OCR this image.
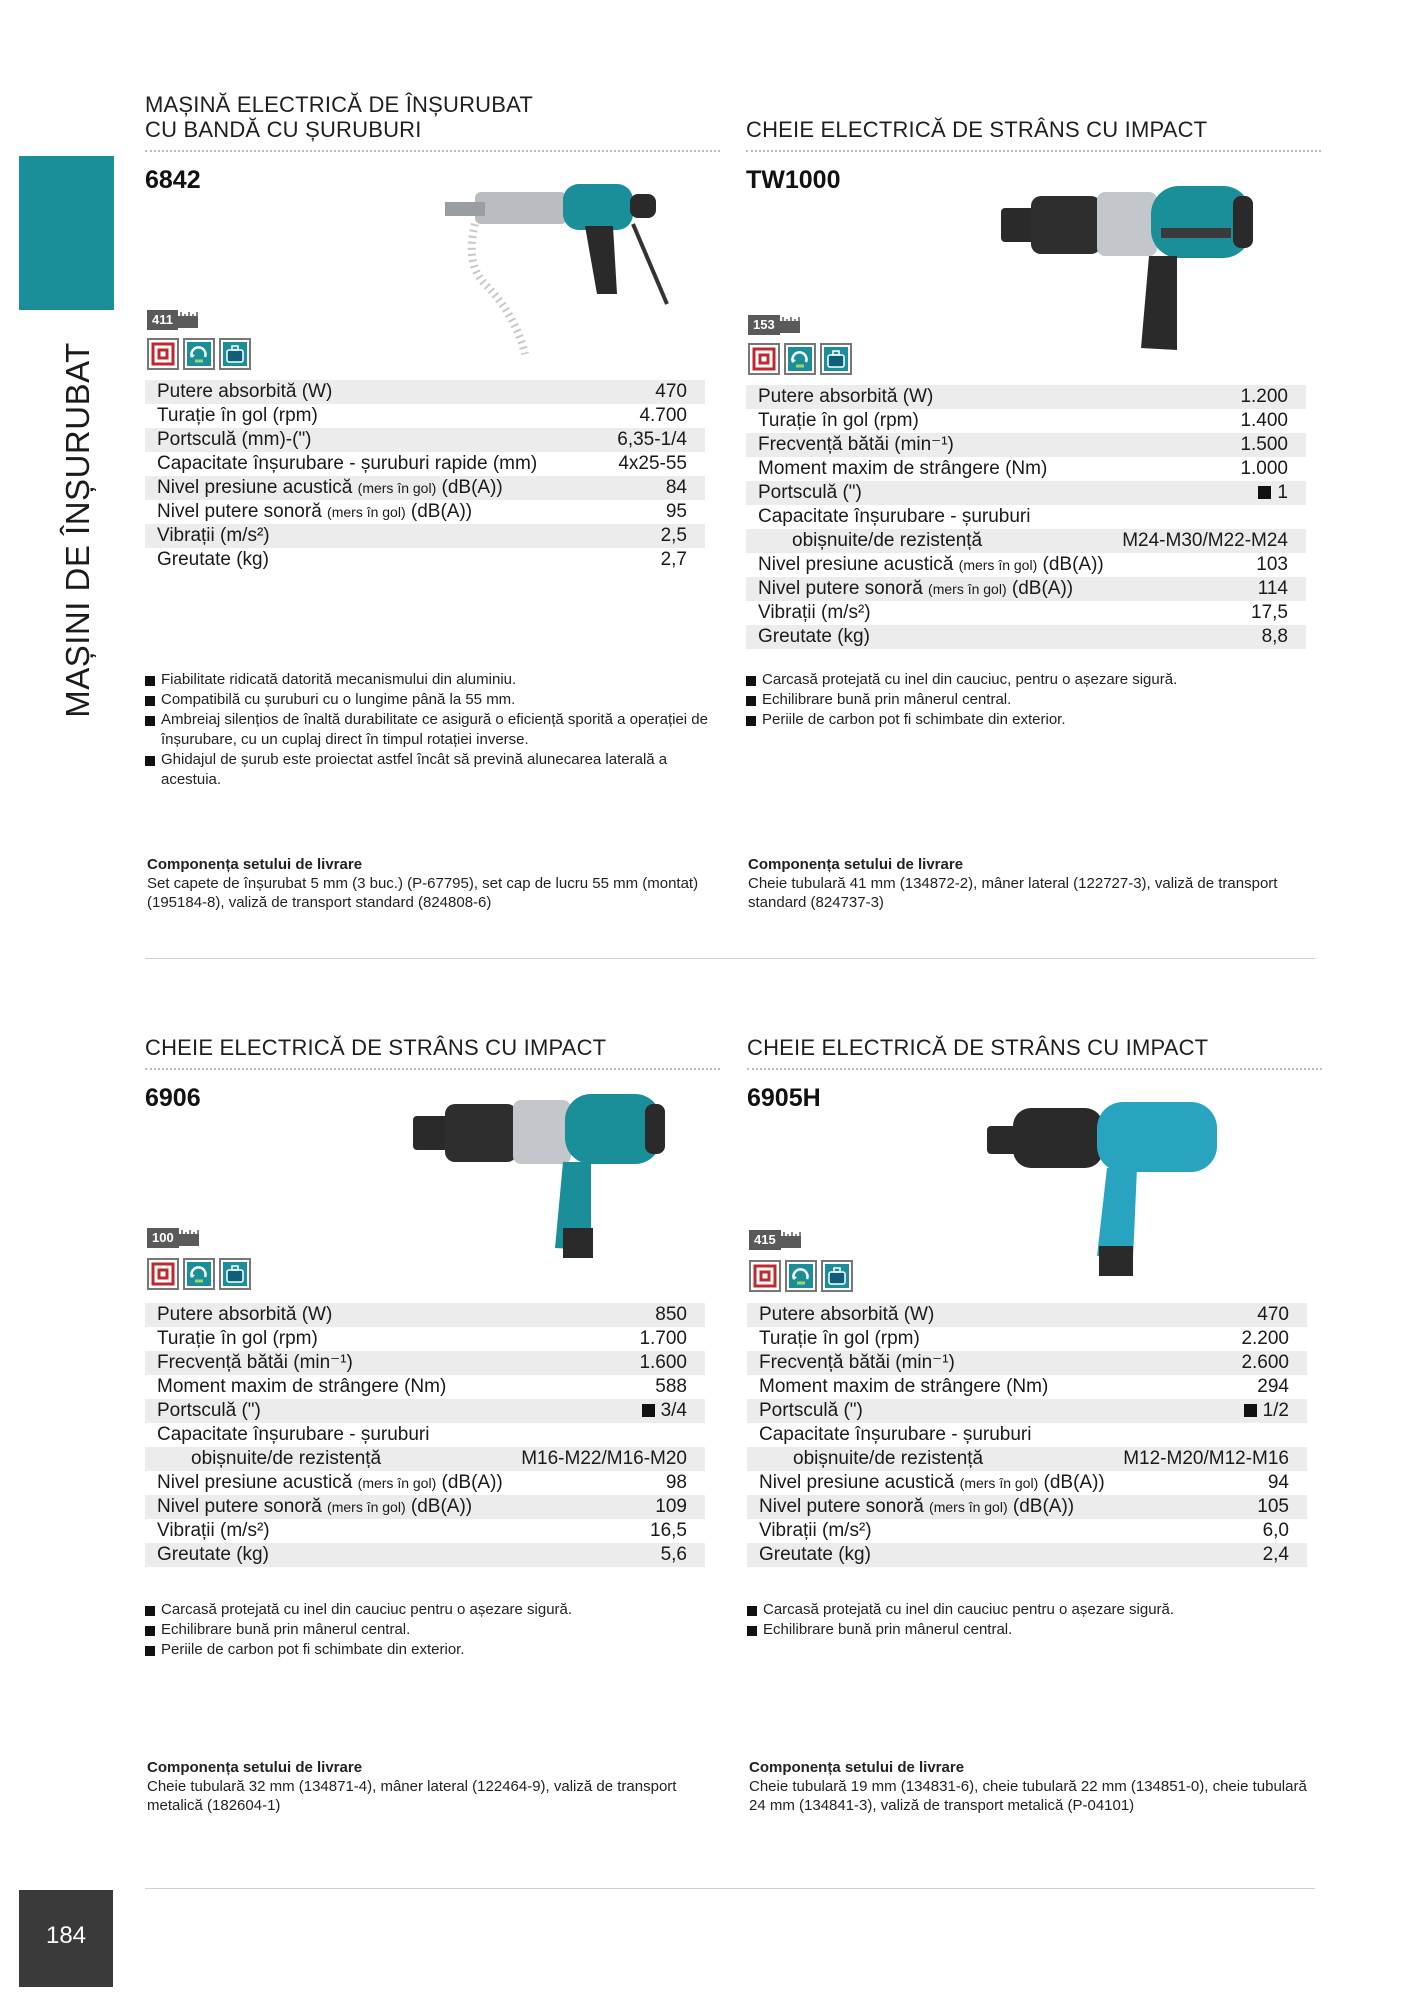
MAȘINI DE ÎNȘURUBAT
184
MAȘINĂ ELECTRICĂ DE ÎNȘURUBAT
CU BANDĂ CU ȘURUBURI
6842
411
Putere absorbită (W)	470
Turație în gol (rpm)	4.700
Portsculă (mm)-(")	6,35-1/4
Capacitate înșurubare - șuruburi rapide (mm)	4x25-55
Nivel presiune acustică (mers în gol) (dB(A))	84
Nivel putere sonoră (mers în gol) (dB(A))	95
Vibrații (m/s²)	2,5
Greutate (kg)	2,7
Fiabilitate ridicată datorită mecanismului din aluminiu.
Compatibilă cu șuruburi cu o lungime până la 55 mm.
Ambreiaj silențios de înaltă durabilitate ce asigură o eficiență sporită a operației de înșurubare, cu un cuplaj direct în timpul rotației inverse.
Ghidajul de șurub este proiectat astfel încât să prevină alunecarea laterală a acestuia.
Componența setului de livrare
Set capete de înșurubat 5 mm (3 buc.) (P-67795), set cap de lucru 55 mm (montat) (195184-8), valiză de transport standard (824808-6)
CHEIE ELECTRICĂ DE STRÂNS CU IMPACT
TW1000
153
Putere absorbită (W)	1.200
Turație în gol (rpm)	1.400
Frecvență bătăi (min⁻¹)	1.500
Moment maxim de strângere (Nm)	1.000
Portsculă (")	1
Capacitate înșurubare - șuruburi
obișnuite/de rezistență	M24-M30/M22-M24
Nivel presiune acustică (mers în gol) (dB(A))	103
Nivel putere sonoră (mers în gol) (dB(A))	114
Vibrații (m/s²)	17,5
Greutate (kg)	8,8
Carcasă protejată cu inel din cauciuc, pentru o așezare sigură.
Echilibrare bună prin mânerul central.
Periile de carbon pot fi schimbate din exterior.
Componența setului de livrare
Cheie tubulară 41 mm (134872-2), mâner lateral (122727-3), valiză de transport standard (824737-3)
CHEIE ELECTRICĂ DE STRÂNS CU IMPACT
6906
100
Putere absorbită (W)	850
Turație în gol (rpm)	1.700
Frecvență bătăi (min⁻¹)	1.600
Moment maxim de strângere (Nm)	588
Portsculă (")	3/4
Capacitate înșurubare - șuruburi
obișnuite/de rezistență	M16-M22/M16-M20
Nivel presiune acustică (mers în gol) (dB(A))	98
Nivel putere sonoră (mers în gol) (dB(A))	109
Vibrații (m/s²)	16,5
Greutate (kg)	5,6
Carcasă protejată cu inel din cauciuc pentru o așezare sigură.
Echilibrare bună prin mânerul central.
Periile de carbon pot fi schimbate din exterior.
Componența setului de livrare
Cheie tubulară 32 mm (134871-4), mâner lateral (122464-9), valiză de transport metalică (182604-1)
CHEIE ELECTRICĂ DE STRÂNS CU IMPACT
6905H
415
Putere absorbită (W)	470
Turație în gol (rpm)	2.200
Frecvență bătăi (min⁻¹)	2.600
Moment maxim de strângere (Nm)	294
Portsculă (")	1/2
Capacitate înșurubare - șuruburi
obișnuite/de rezistență	M12-M20/M12-M16
Nivel presiune acustică (mers în gol) (dB(A))	94
Nivel putere sonoră (mers în gol) (dB(A))	105
Vibrații (m/s²)	6,0
Greutate (kg)	2,4
Carcasă protejată cu inel din cauciuc pentru o așezare sigură.
Echilibrare bună prin mânerul central.
Componența setului de livrare
Cheie tubulară 19 mm (134831-6), cheie tubulară 22 mm (134851-0), cheie tubulară 24 mm (134841-3), valiză de transport metalică (P-04101)
